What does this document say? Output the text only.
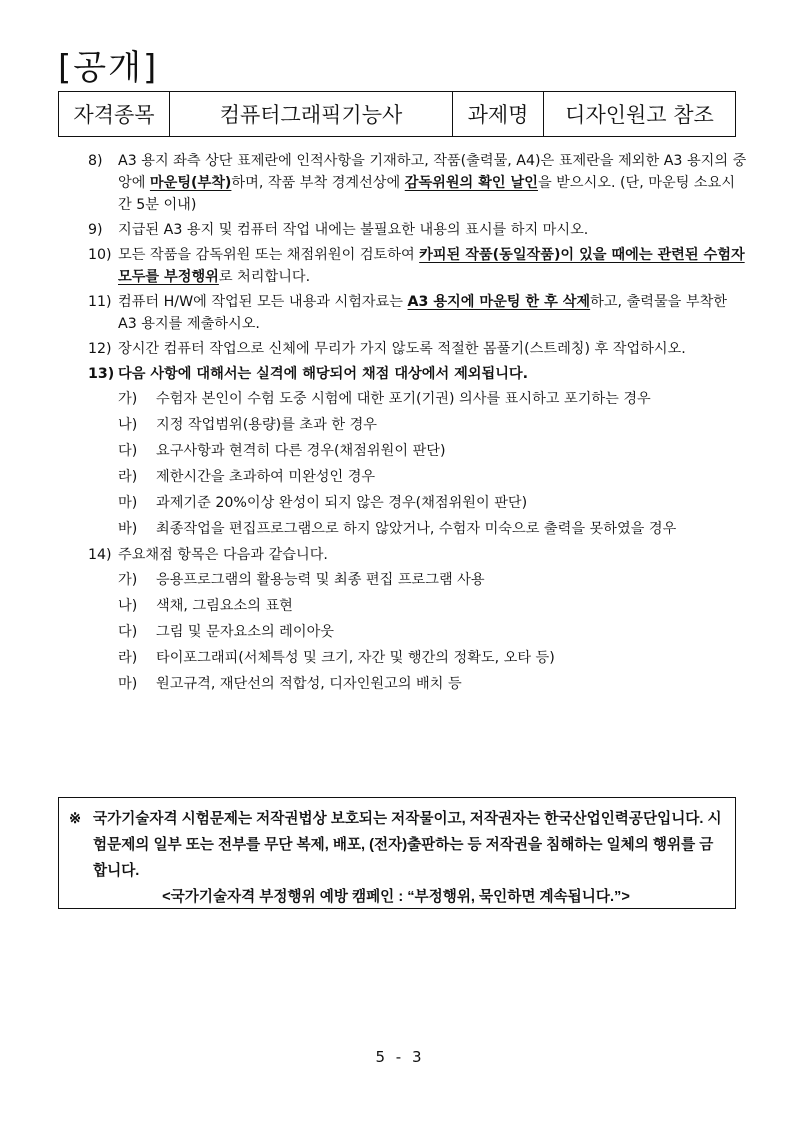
[공개]
자격종목	컴퓨터그래픽기능사	과제명	디자인원고 참조
8)	A3 용지 좌측 상단 표제란에 인적사항을 기재하고, 작품(출력물, A4)은 표제란을 제외한 A3 용지의 중앙에 마운팅(부착)하며, 작품 부착 경계선상에 감독위원의 확인 날인을 받으시오. (단, 마운팅 소요시간 5분 이내)
9)	지급된 A3 용지 및 컴퓨터 작업 내에는 불필요한 내용의 표시를 하지 마시오.
10) 모든 작품을 감독위원 또는 채점위원이 검토하여 카피된 작품(동일작품)이 있을 때에는 관련된 수험자 모두를 부정행위로 처리합니다.
11) 컴퓨터 H/W에 작업된 모든 내용과 시험자료는 A3 용지에 마운팅 한 후 삭제하고, 출력물을 부착한 A3 용지를 제출하시오.
12) 장시간 컴퓨터 작업으로 신체에 무리가 가지 않도록 적절한 몸풀기(스트레칭) 후 작업하시오.
13) 다음 사항에 대해서는 실격에 해당되어 채점 대상에서 제외됩니다.
가)	수험자 본인이 수험 도중 시험에 대한 포기(기권) 의사를 표시하고 포기하는 경우
나)	지정 작업범위(용량)를 초과 한 경우
다)	요구사항과 현격히 다른 경우(채점위원이 판단)
라)	제한시간을 초과하여 미완성인 경우
마)	과제기준 20%이상 완성이 되지 않은 경우(채점위원이 판단)
바)	최종작업을 편집프로그램으로 하지 않았거나, 수험자 미숙으로 출력을 못하였을 경우
14) 주요채점 항목은 다음과 같습니다.
가)	응용프로그램의 활용능력 및 최종 편집 프로그램 사용
나)	색채, 그림요소의 표현
다)	그림 및 문자요소의 레이아웃
라)	타이포그래피(서체특성 및 크기, 자간 및 행간의 정확도, 오타 등)
마)	원고규격, 재단선의 적합성, 디자인원고의 배치 등
※ 국가기술자격 시험문제는 저작권법상 보호되는 저작물이고, 저작권자는 한국산업인력공단입니다. 시험문제의 일부 또는 전부를 무단 복제, 배포, (전자)출판하는 등 저작권을 침해하는 일체의 행위를 금합니다.
<국가기술자격 부정행위 예방 캠페인 : “부정행위, 묵인하면 계속됩니다.”>
5 - 3
